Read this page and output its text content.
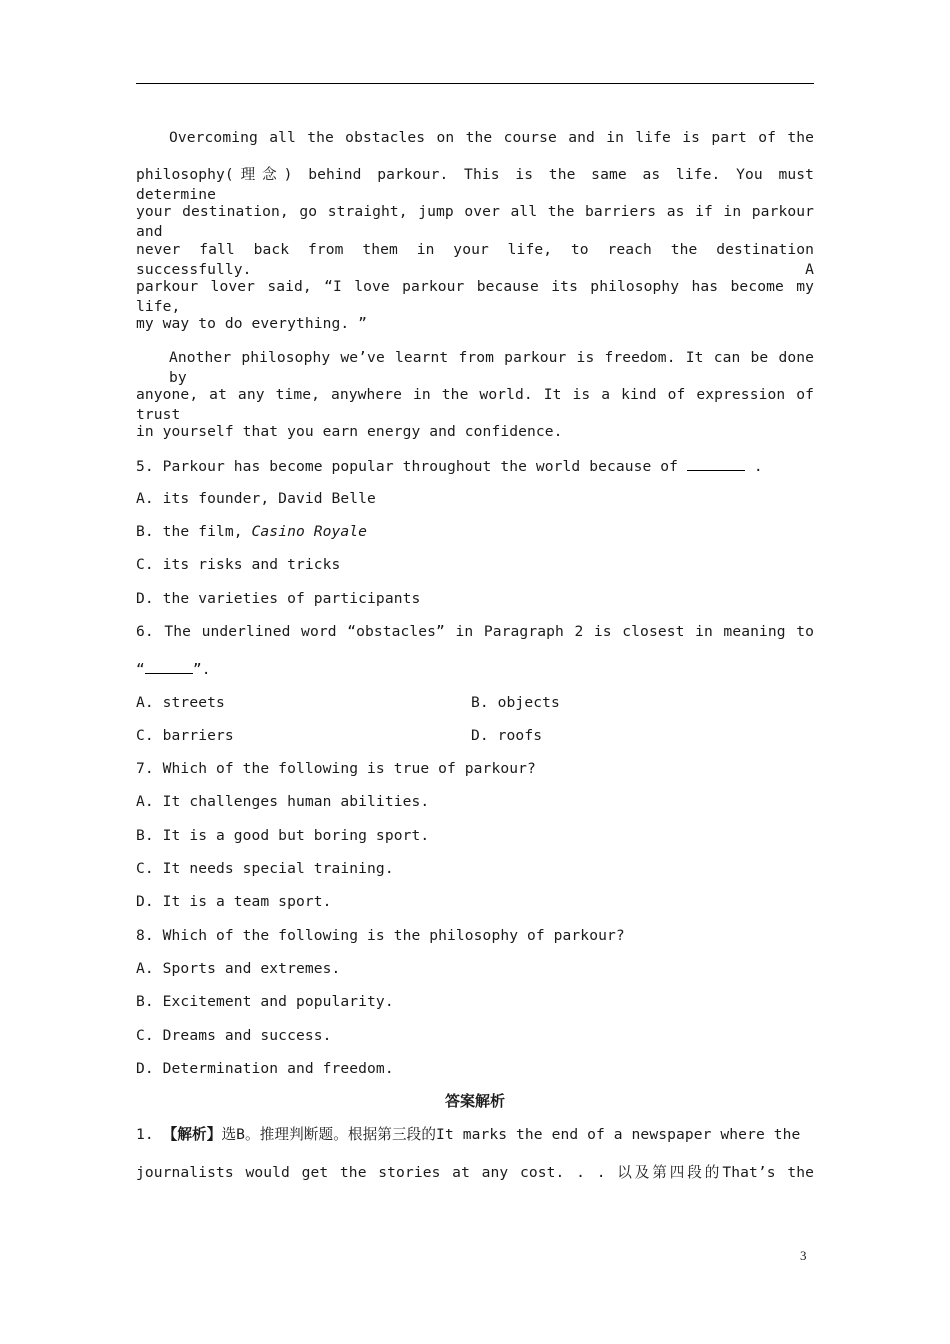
Overcoming all the obstacles on the course and in life is part of the
philosophy(理念) behind parkour. This is the same as life. You must determine
your destination, go straight, jump over all the barriers as if in parkour and
never fall back from them in your life, to reach the destination successfully. A
parkour lover said, “I love parkour because its philosophy has become my life,
my way to do everything. ”
Another philosophy we’ve learnt from parkour is freedom. It can be done by
anyone, at any time, anywhere in the world. It is a kind of expression of trust
in yourself that you earn energy and confidence.
5. Parkour has become popular throughout the world because of	.
A. its founder, David Belle
B. the film, Casino Royale
C. its risks and tricks
D. the varieties of participants
6. The underlined word “obstacles” in Paragraph 2 is closest in meaning to
“	”.
A. streets	B. objects
C. barriers	D. roofs
7. Which of the following is true of parkour?
A. It challenges human abilities.
B. It is a good but boring sport.
C. It needs special training.
D. It is a team sport.
8. Which of the following is the philosophy of parkour?
A. Sports and extremes.
B. Excitement and popularity.
C. Dreams and success.
D. Determination and freedom.
答案解析
1. 【解析】选B。推理判断题。根据第三段的It marks the end of a newspaper where the
journalists would get the stories at any cost. . . 以及第四段的That’s the
3
